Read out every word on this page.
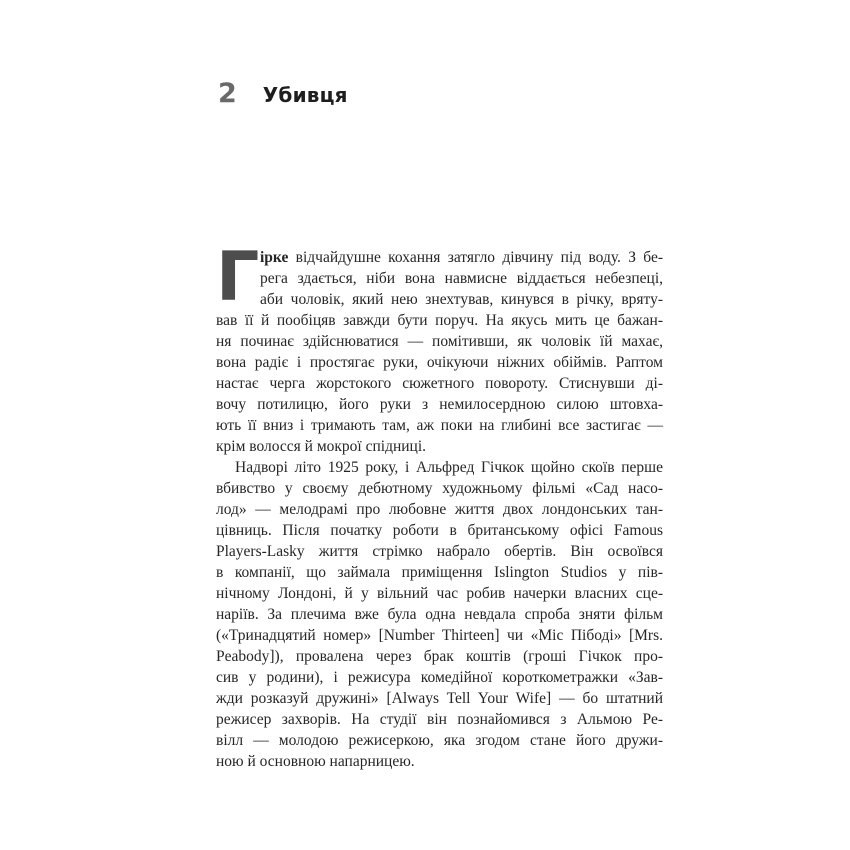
2 Убивця
Г ірке відчайдушне кохання затягло дівчину під воду. З бе-
рега здається, ніби вона навмисне віддається небезпеці,
аби чоловік, який нею знехтував, кинувся в річку, вряту-
вав її й пообіцяв завжди бути поруч. На якусь мить це бажан-
ня починає здійснюватися — помітивши, як чоловік їй махає,
вона радіє і простягає руки, очікуючи ніжних обіймів. Раптом
настає черга жорстокого сюжетного повороту. Стиснувши ді-
вочу потилицю, його руки з немилосердною силою штовха-
ють її вниз і тримають там, аж поки на глибині все застигає —
крім волосся й мокрої спідниці.
Надворі літо 1925 року, і Альфред Гічкок щойно скоїв перше
вбивство у своєму дебютному художньому фільмі «Сад насо-
лод» — мелодрамі про любовне життя двох лондонських тан-
цівниць. Після початку роботи в британському офісі Famous
Players-Lasky життя стрімко набрало обертів. Він освоївся
в компанії, що займала приміщення Islington Studios у пів-
нічному Лондоні, й у вільний час робив начерки власних сце-
наріїв. За плечима вже була одна невдала спроба зняти фільм
(«Тринадцятий номер» [Number Thirteen] чи «Міс Пібоді» [Mrs.
Peabody]), провалена через брак коштів (гроші Гічкок про-
сив у родини), і режисура комедійної короткометражки «Зав-
жди розказуй дружині» [Always Tell Your Wife] — бо штатний
режисер захворів. На студії він познайомився з Альмою Ре-
вілл — молодою режисеркою, яка згодом стане його дружи-
ною й основною напарницею.
